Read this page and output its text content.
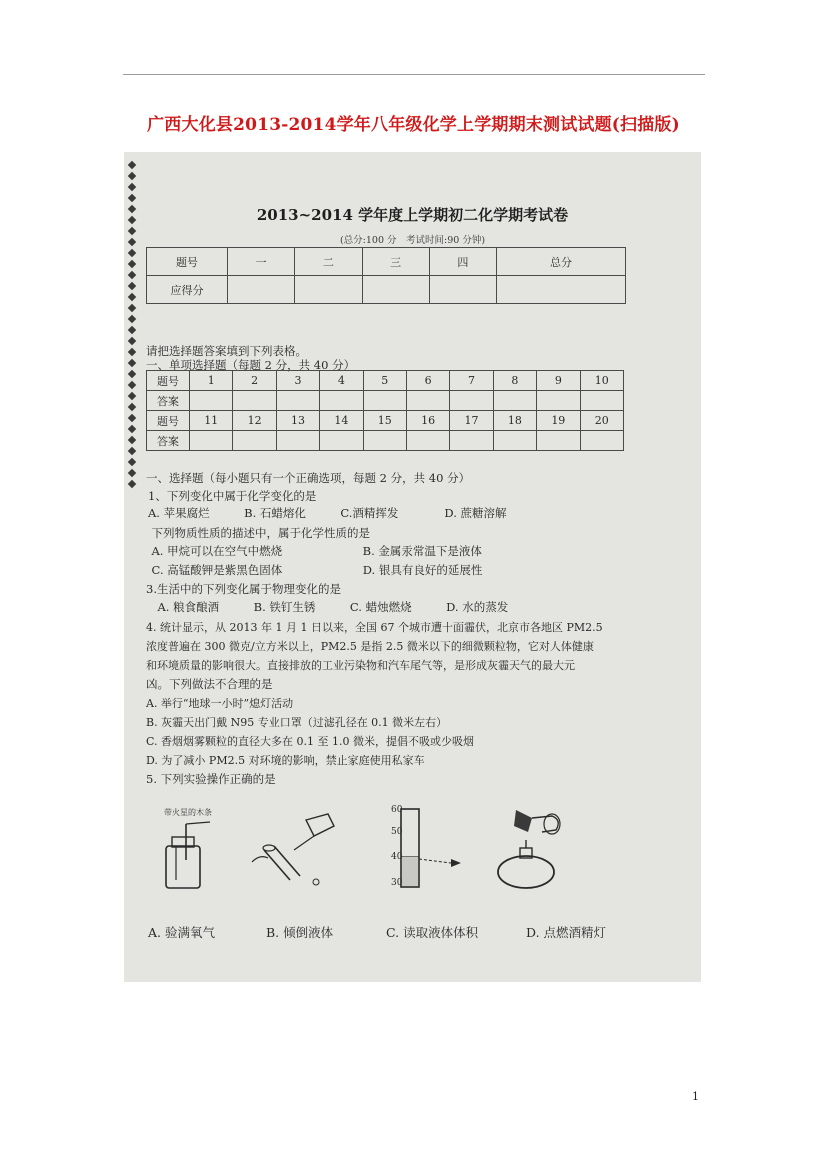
广西大化县2013-2014学年八年级化学上学期期末测试试题(扫描版)
2013~2014 学年度上学期初二化学期考试卷
(总分:100 分　考试时间:90 分钟)
题号	一	二	三	四	总分
应得分					
请把选择题答案填到下列表格。
一、单项选择题（每题 2 分，共 40 分）
题号	1	2	3	4	5	6	7	8	9	10
答案										
题号	11	12	13	14	15	16	17	18	19	20
答案										
一、选择题（每小题只有一个正确选项，每题 2 分，共 40 分）
1、下列变化中属于化学变化的是
A. 苹果腐烂　　　B. 石蜡熔化　　　C.酒精挥发　　　　D. 蔗糖溶解
　下列物质性质的描述中，属于化学性质的是
　A. 甲烷可以在空气中燃烧　　　　　　　B. 金属汞常温下是液体
　C. 高锰酸钾是紫黑色固体　　　　　　　D. 银具有良好的延展性
3.生活中的下列变化属于物理变化的是
　A. 粮食酿酒　　　B. 铁钉生锈　　　C. 蜡烛燃烧　　　D. 水的蒸发
4. 统计显示，从 2013 年 1 月 1 日以来，全国 67 个城市遭十面霾伏，北京市各地区 PM2.5
浓度普遍在 300 微克/立方米以上，PM2.5 是指 2.5 微米以下的细微颗粒物，它对人体健康
和环境质量的影响很大。直接排放的工业污染物和汽车尾气等，是形成灰霾天气的最大元
凶。下列做法不合理的是
A. 举行“地球一小时”熄灯活动
B. 灰霾天出门戴 N95 专业口罩（过滤孔径在 0.1 微米左右）
C. 香烟烟雾颗粒的直径大多在 0.1 至 1.0 微米，提倡不吸或少吸烟
D. 为了减小 PM2.5 对环境的影响，禁止家庭使用私家车
5. 下列实验操作正确的是
带火星的木条	60
50
40
30
A. 验满氧气	B. 倾倒液体	C. 读取液体体积	D. 点燃酒精灯
1
